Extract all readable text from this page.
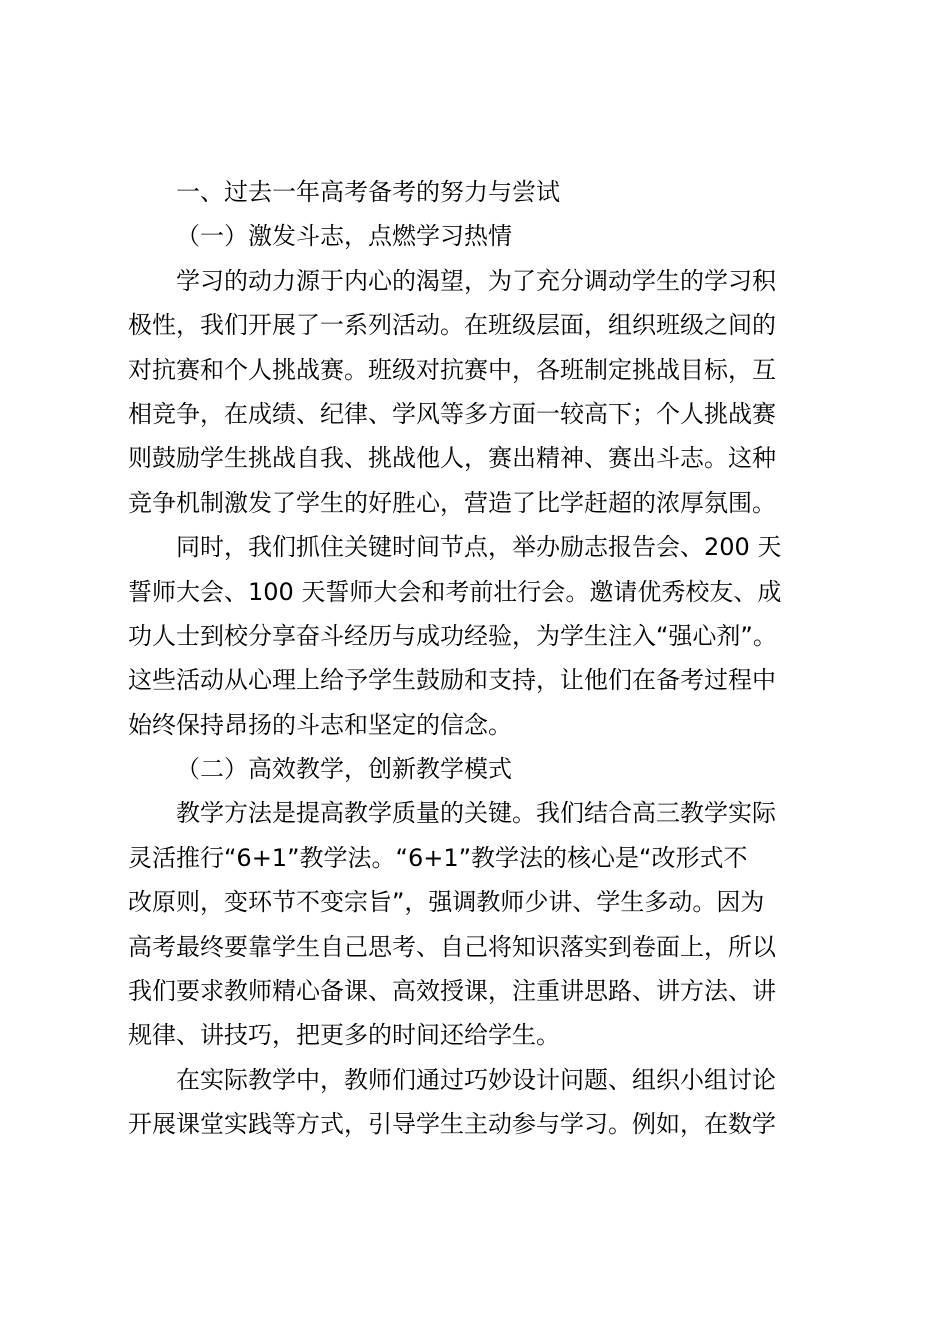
一、过去一年高考备考的努力与尝试
（一）激发斗志，点燃学习热情
学习的动力源于内心的渴望，为了充分调动学生的学习积
极性，我们开展了一系列活动。在班级层面，组织班级之间的
对抗赛和个人挑战赛。班级对抗赛中，各班制定挑战目标，互
相竞争，在成绩、纪律、学风等多方面一较高下；个人挑战赛
则鼓励学生挑战自我、挑战他人，赛出精神、赛出斗志。这种
竞争机制激发了学生的好胜心，营造了比学赶超的浓厚氛围。
同时，我们抓住关键时间节点，举办励志报告会、200 天
誓师大会、100 天誓师大会和考前壮行会。邀请优秀校友、成
功人士到校分享奋斗经历与成功经验，为学生注入“强心剂”。
这些活动从心理上给予学生鼓励和支持，让他们在备考过程中
始终保持昂扬的斗志和坚定的信念。
（二）高效教学，创新教学模式
教学方法是提高教学质量的关键。我们结合高三教学实际
灵活推行“6+1”教学法。“6+1”教学法的核心是“改形式不
改原则，变环节不变宗旨”，强调教师少讲、学生多动。因为
高考最终要靠学生自己思考、自己将知识落实到卷面上，所以
我们要求教师精心备课、高效授课，注重讲思路、讲方法、讲
规律、讲技巧，把更多的时间还给学生。
在实际教学中，教师们通过巧妙设计问题、组织小组讨论
开展课堂实践等方式，引导学生主动参与学习。例如，在数学
